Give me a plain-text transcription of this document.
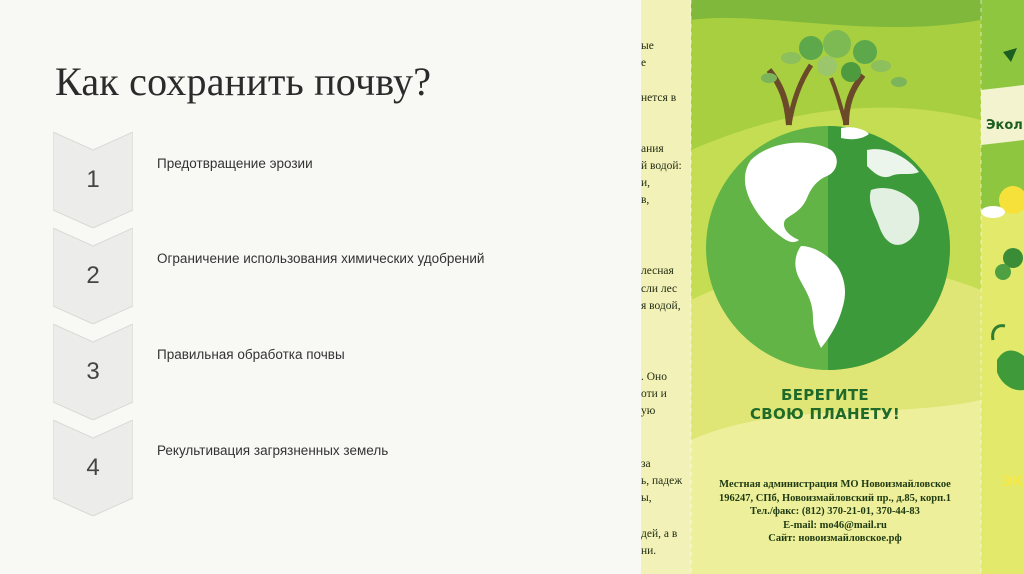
Как сохранить почву?
1
Предотвращение эрозии
2
Ограничение использования химических удобрений
3
Правильная обработка почвы
4
Рекультивация загрязненных земель
ые
е
нется в
ания
й водой:
и,
в,
лесная
сли лес
я водой,
. Оно
оти и
ую
за
ь, падеж
ы,
дей, а в
ни.
Экол
БЕРЕГИТЕ
СВОЮ ПЛАНЕТУ!
Местная администрация МО Новоизмайловское
196247, СПб, Новоизмайловский пр., д.85, корп.1
Тел./факс: (812) 370-21-01, 370-44-83
E-mail: mo46@mail.ru
Сайт: новоизмайловское.рф
ЭК
